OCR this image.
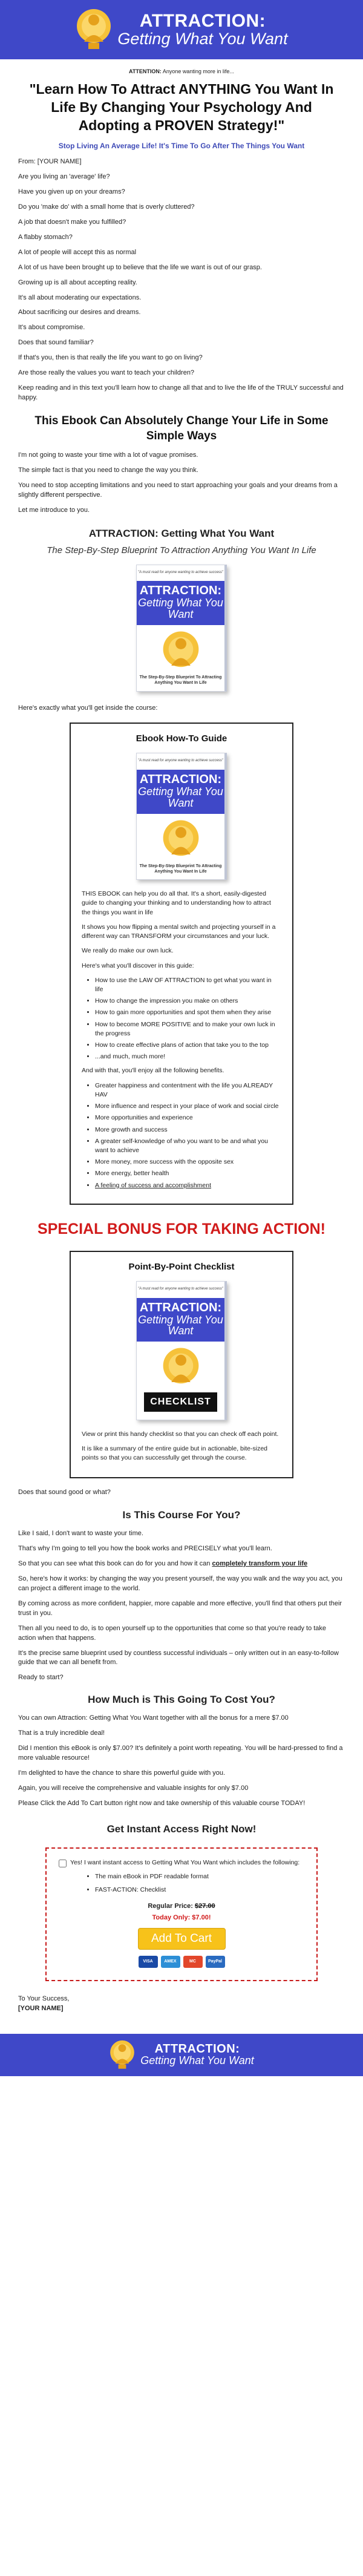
ATTRACTION:
Getting What You Want
ATTENTION: Anyone wanting more in life...
"Learn How To Attract ANYTHING You Want In Life By Changing Your Psychology And Adopting a PROVEN Strategy!"
Stop Living An Average Life! It's Time To Go After The Things You Want

From: [YOUR NAME]

Are you living an 'average' life?

Have you given up on your dreams?

Do you 'make do' with a small home that is overly cluttered?

A job that doesn't make you fulfilled?

A flabby stomach?

A lot of people will accept this as normal

A lot of us have been brought up to believe that the life we want is out of our grasp.

Growing up is all about accepting reality.

It's all about moderating our expectations.

About sacrificing our desires and dreams.

It's about compromise.

Does that sound familiar?

If that's you, then is that really the life you want to go on living?

Are those really the values you want to teach your children?

Keep reading and in this text you'll learn how to change all that and to live the life of the TRULY successful and happy.

This Ebook Can Absolutely Change Your Life in Some Simple Ways

I'm not going to waste your time with a lot of vague promises.

The simple fact is that you need to change the way you think.

You need to stop accepting limitations and you need to start approaching your goals and your dreams from a slightly different perspective.

Let me introduce to you.

ATTRACTION: Getting What You Want
The Step-By-Step Blueprint To Attraction Anything You Want In Life
"A must read for anyone wanting to achieve success"
ATTRACTION:
Getting What You Want
The Step-By-Step Blueprint To Attracting Anything You Want In Life

Here's exactly what you'll get inside the course:

Ebook How-To Guide
"A must read for anyone wanting to achieve success"
ATTRACTION:
Getting What You Want
The Step-By-Step Blueprint To Attracting Anything You Want In Life

THIS EBOOK can help you do all that. It's a short, easily-digested guide to changing your thinking and to understanding how to attract the things you want in life

It shows you how flipping a mental switch and projecting yourself in a different way can TRANSFORM your circumstances and your luck.

We really do make our own luck.

Here's what you'll discover in this guide:

• How to use the LAW OF ATTRACTION to get what you want in life
• How to change the impression you make on others
• How to gain more opportunities and spot them when they arise
• How to become MORE POSITIVE and to make your own luck in the progress
• How to create effective plans of action that take you to the top
• ...and much, much more!

And with that, you'll enjoy all the following benefits.

• Greater happiness and contentment with the life you ALREADY HAV
• More influence and respect in your place of work and social circle
• More opportunities and experience
• More growth and success
• A greater self-knowledge of who you want to be and what you want to achieve
• More money, more success with the opposite sex
• More energy, better health
• A feeling of success and accomplishment
SPECIAL BONUS FOR TAKING ACTION!
Point-By-Point Checklist
"A must read for anyone wanting to achieve success"
ATTRACTION:
Getting What You Want
CHECKLIST

View or print this handy checklist so that you can check off each point.

It is like a summary of the entire guide but in actionable, bite-sized points so that you can successfully get through the course.

Does that sound good or what?

Is This Course For You?

Like I said, I don't want to waste your time.

That's why I'm going to tell you how the book works and PRECISELY what you'll learn.

So that you can see what this book can do for you and how it can completely transform your life

So, here's how it works: by changing the way you present yourself, the way you walk and the way you act, you can project a different image to the world.

By coming across as more confident, happier, more capable and more effective, you'll find that others put their trust in you.

Then all you need to do, is to open yourself up to the opportunities that come so that you're ready to take action when that happens.

It's the precise same blueprint used by countless successful individuals – only written out in an easy-to-follow guide that we can all benefit from.

Ready to start?

How Much is This Going To Cost You?

You can own Attraction: Getting What You Want together with all the bonus for a mere $7.00

That is a truly incredible deal!

Did I mention this eBook is only $7.00? It's definitely a point worth repeating. You will be hard-pressed to find a more valuable resource!

I'm delighted to have the chance to share this powerful guide with you.

Again, you will receive the comprehensive and valuable insights for only $7.00

Please Click the Add To Cart button right now and take ownership of this valuable course TODAY!

Get Instant Access Right Now!
Yes! I want instant access to Getting What You Want which includes the following:
• The main eBook in PDF readable format
• FAST-ACTION: Checklist
Regular Price: $27.00
Today Only: $7.00!
Add To Cart
VISA	AMEX	MC	PayPal

To Your Success,

[YOUR NAME]

ATTRACTION:
Getting What You Want
